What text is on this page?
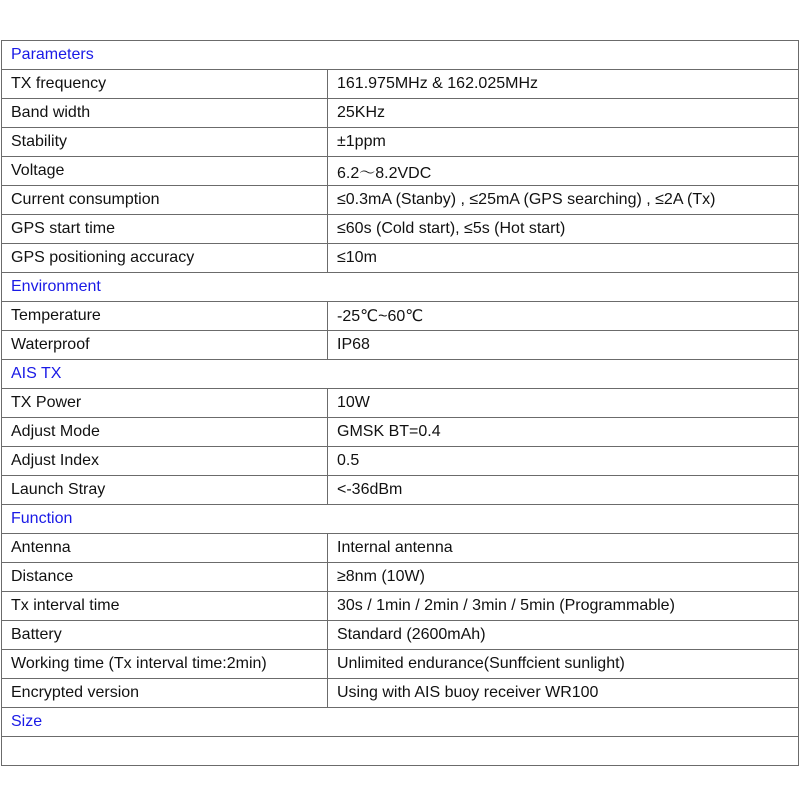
Parameters	
TX frequency	161.975MHz & 162.025MHz
Band width	25KHz
Stability	±1ppm
Voltage	6.2～8.2VDC
Current consumption	≤0.3mA (Stanby) , ≤25mA (GPS searching) , ≤2A (Tx)
GPS start time	≤60s (Cold start), ≤5s (Hot start)
GPS positioning accuracy	≤10m
Environment	
Temperature	-25℃~60℃
Waterproof	IP68
AIS TX	
TX Power	10W
Adjust Mode	GMSK BT=0.4
Adjust Index	0.5
Launch Stray	<-36dBm
Function	
Antenna	Internal antenna
Distance	≥8nm (10W)
Tx interval time	30s / 1min / 2min / 3min / 5min (Programmable)
Battery	Standard (2600mAh)
Working time (Tx interval time:2min)	Unlimited endurance(Sunffcient sunlight)
Encrypted version	Using with AIS buoy receiver WR100
Size	
